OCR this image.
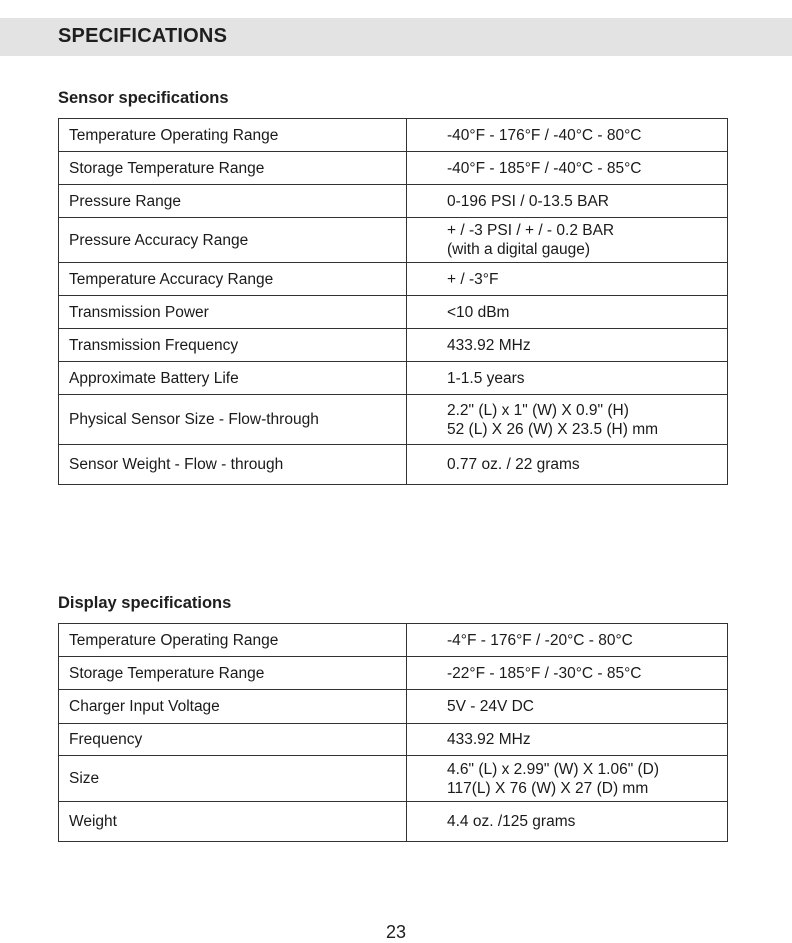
SPECIFICATIONS
Sensor specifications
Temperature Operating Range	-40°F - 176°F / -40°C - 80°C
Storage Temperature Range	-40°F - 185°F / -40°C - 85°C
Pressure Range	0-196 PSI / 0-13.5 BAR
Pressure Accuracy Range	+ / -3 PSI / + / - 0.2 BAR
(with a digital gauge)

Temperature Accuracy Range	+ / -3°F
Transmission Power	<10 dBm
Transmission Frequency	433.92 MHz
Approximate Battery Life	1-1.5 years
Physical Sensor Size - Flow-through	2.2" (L) x 1" (W) X 0.9" (H)
52 (L) X 26 (W) X 23.5 (H) mm

Sensor Weight - Flow - through	0.77 oz. / 22 grams
Display specifications
Temperature Operating Range	-4°F - 176°F / -20°C - 80°C
Storage Temperature Range	-22°F - 185°F / -30°C - 85°C
Charger Input Voltage	5V - 24V DC
Frequency	433.92 MHz
Size	4.6" (L) x 2.99" (W) X 1.06" (D)
117(L) X 76 (W) X 27 (D) mm

Weight	4.4 oz. /125 grams
23
